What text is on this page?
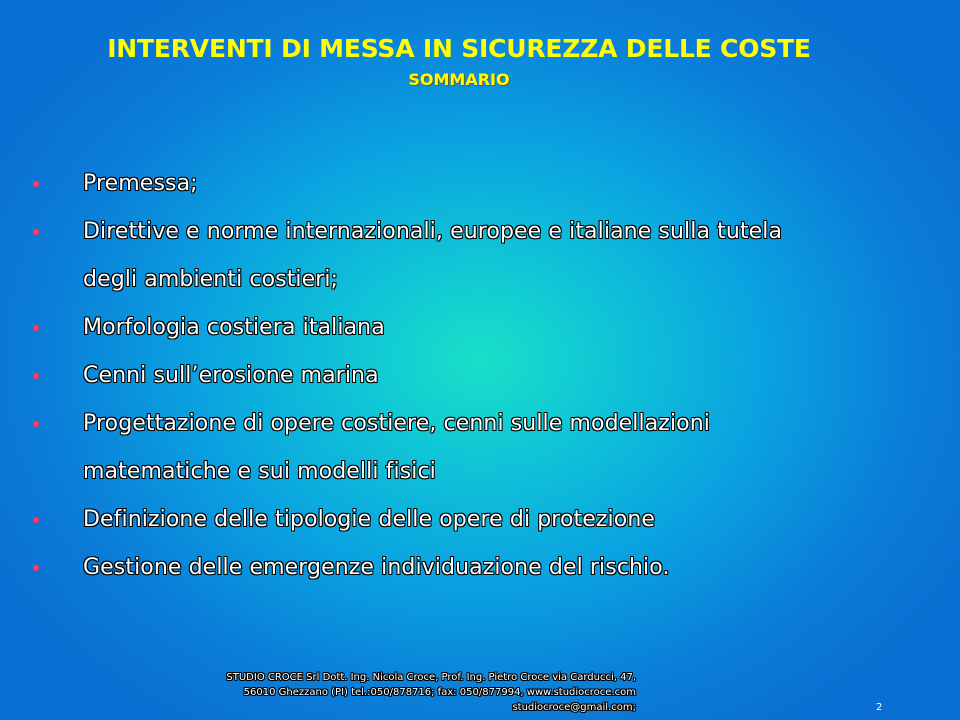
INTERVENTI DI MESSA IN SICUREZZA DELLE COSTE
SOMMARIO
Premessa;
Direttive e norme internazionali, europee e italiane sulla tutela
degli ambienti costieri;
Morfologia costiera italiana
Cenni sull’erosione marina
Progettazione di opere costiere, cenni sulle modellazioni
matematiche e sui modelli fisici
Definizione delle tipologie delle opere di protezione
Gestione delle emergenze individuazione del rischio.
STUDIO CROCE Srl Dott. Ing. Nicola Croce, Prof. Ing. Pietro Croce via Carducci, 47,
56010 Ghezzano (PI) tel.:050/878716; fax: 050/877994, www.studiocroce.com
studiocroce@gmail.com;	2
